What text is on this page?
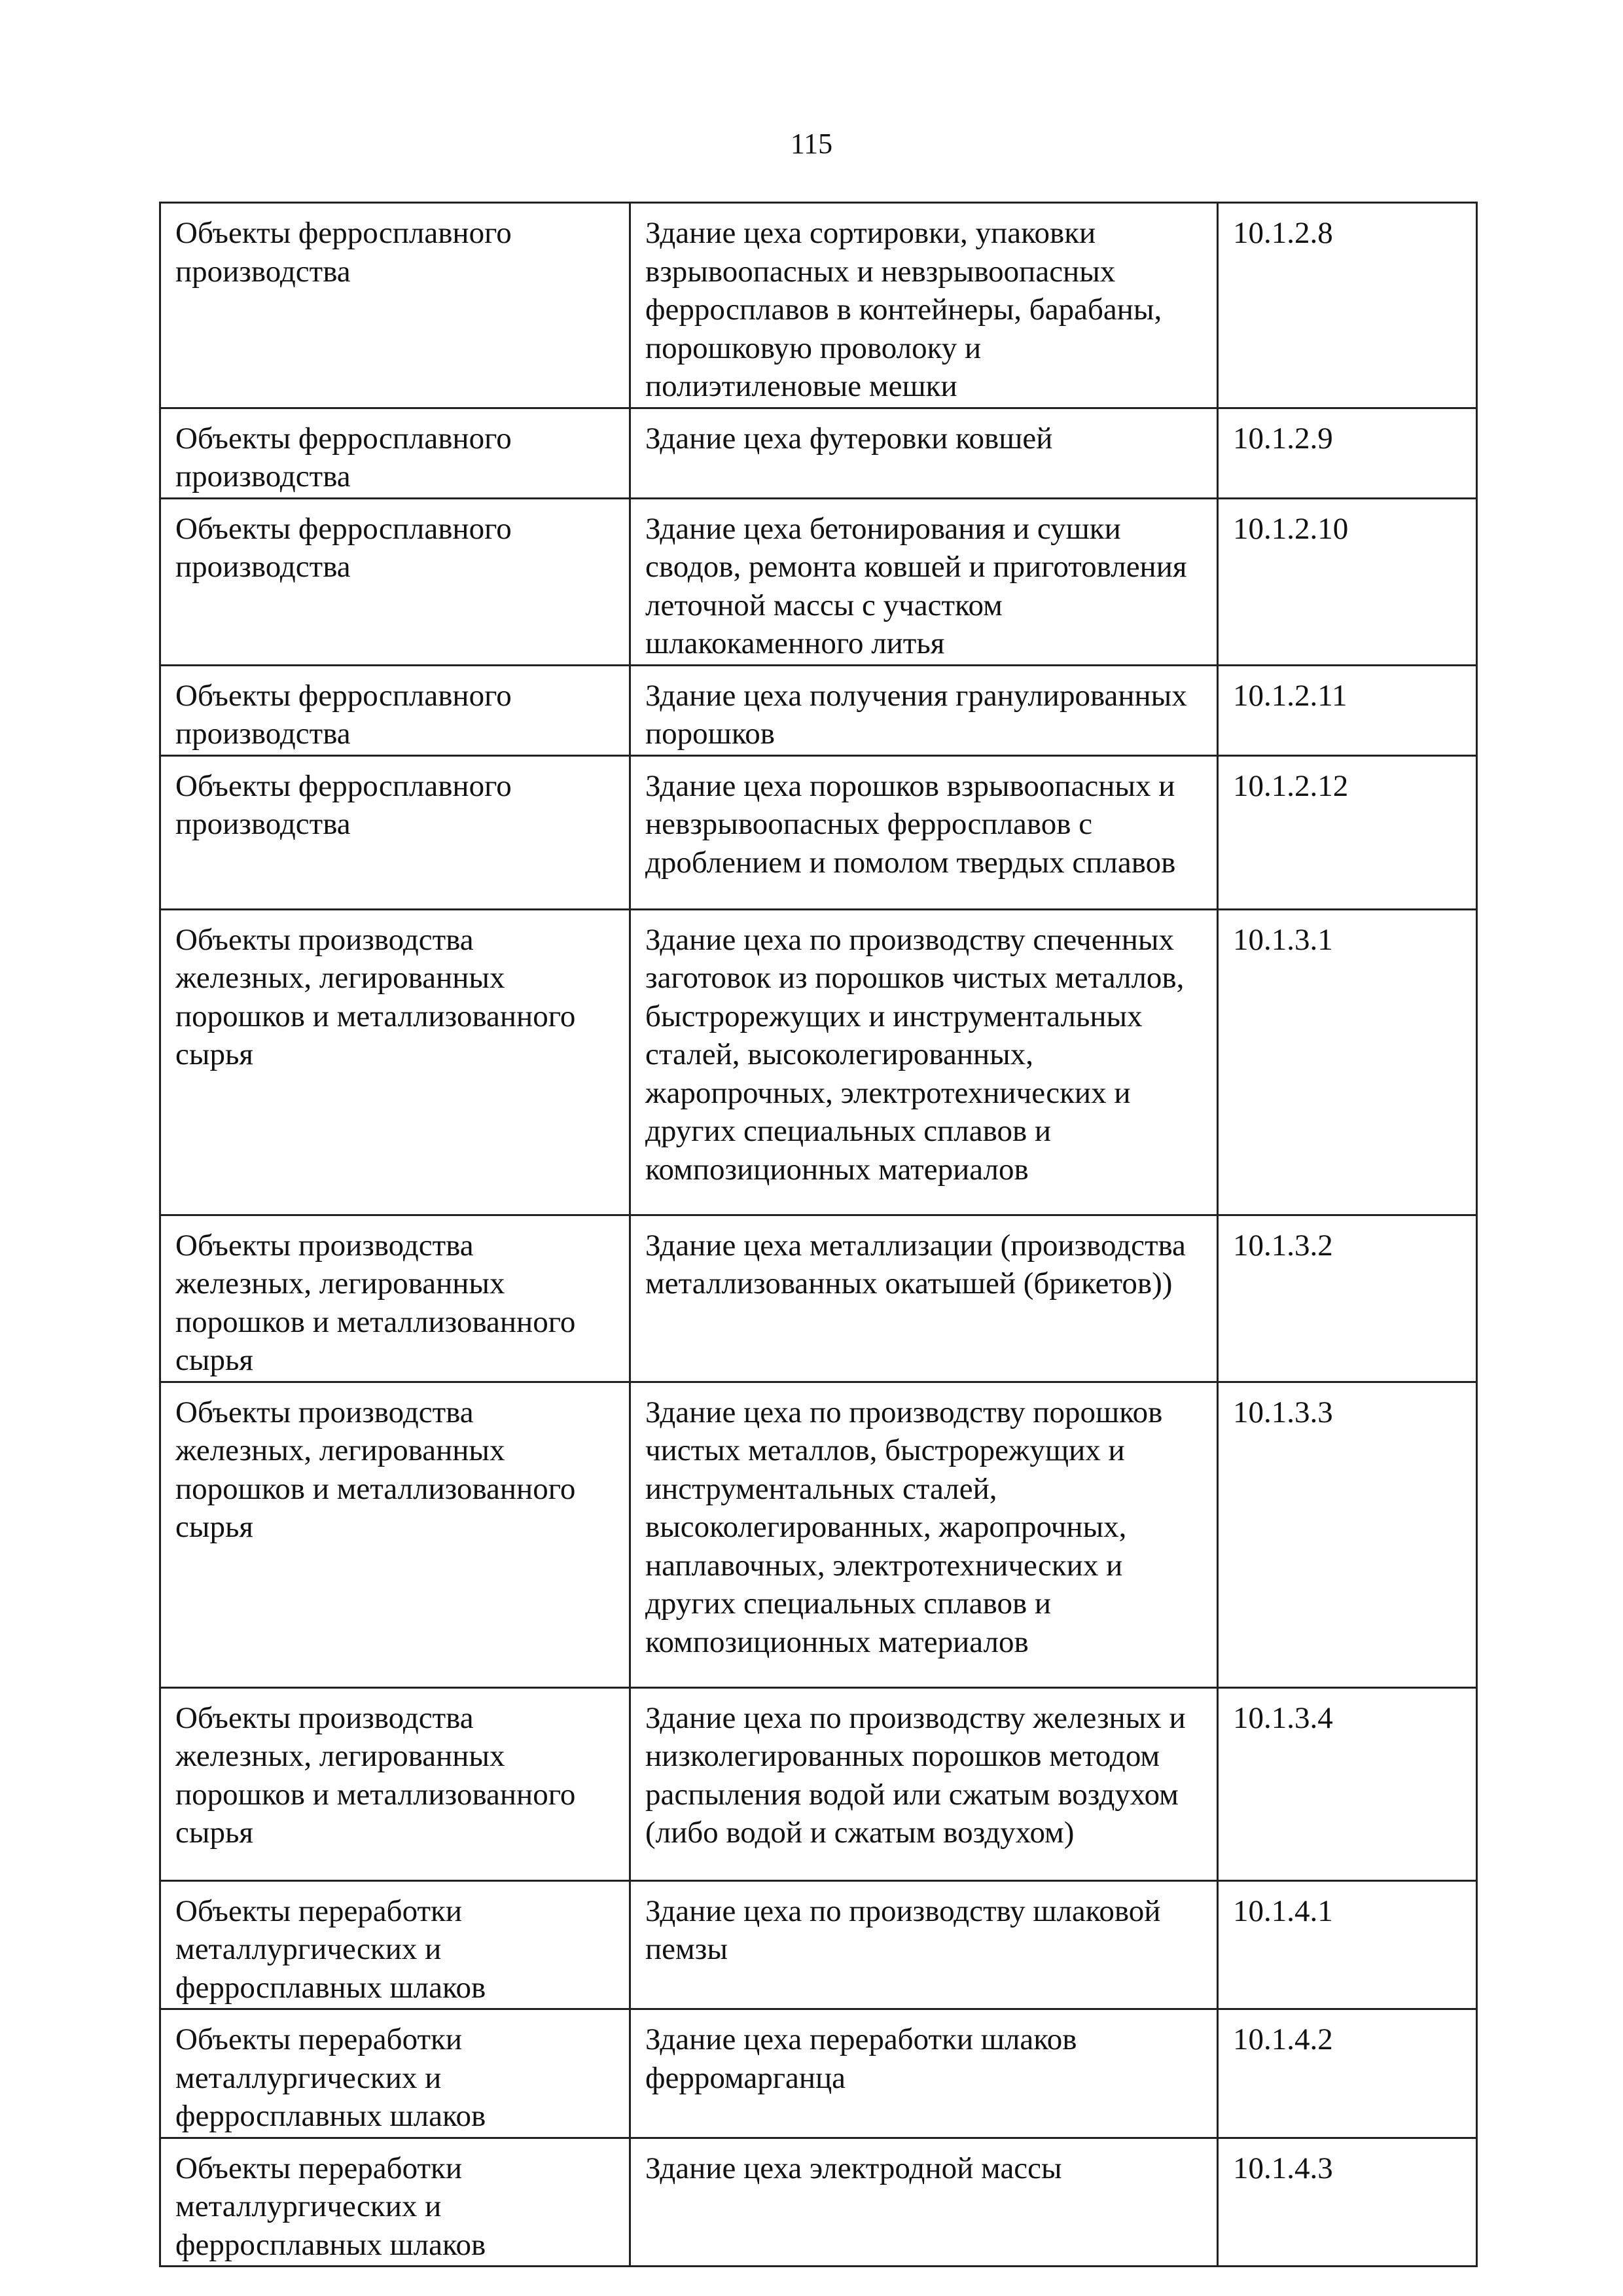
115
Объекты ферросплавного производства	Здание цеха сортировки, упаковки взрывоопасных и невзрывоопасных ферросплавов в контейнеры, барабаны, порошковую проволоку и полиэтиленовые мешки	10.1.2.8
Объекты ферросплавного производства	Здание цеха футеровки ковшей	10.1.2.9
Объекты ферросплавного производства	Здание цеха бетонирования и сушки сводов, ремонта ковшей и приготовления леточной массы с участком шлакокаменного литья	10.1.2.10
Объекты ферросплавного производства	Здание цеха получения гранулированных порошков	10.1.2.11
Объекты ферросплавного производства	Здание цеха порошков взрывоопасных и невзрывоопасных ферросплавов с дроблением и помолом твердых сплавов	10.1.2.12
Объекты производства железных, легированных порошков и металлизованного сырья	Здание цеха по производству спеченных заготовок из порошков чистых металлов, быстрорежущих и инструментальных сталей, высоколегированных, жаропрочных, электротехнических и других специальных сплавов и композиционных материалов	10.1.3.1
Объекты производства железных, легированных порошков и металлизованного сырья	Здание цеха металлизации (производства металлизованных окатышей (брикетов))	10.1.3.2
Объекты производства железных, легированных порошков и металлизованного сырья	Здание цеха по производству порошков чистых металлов, быстрорежущих и инструментальных сталей, высоколегированных, жаропрочных, наплавочных, электротехнических и других специальных сплавов и композиционных материалов	10.1.3.3
Объекты производства железных, легированных порошков и металлизованного сырья	Здание цеха по производству железных и низколегированных порошков методом распыления водой или сжатым воздухом (либо водой и сжатым воздухом)	10.1.3.4
Объекты переработки металлургических и ферросплавных шлаков	Здание цеха по производству шлаковой пемзы	10.1.4.1
Объекты переработки металлургических и ферросплавных шлаков	Здание цеха переработки шлаков ферромарганца	10.1.4.2
Объекты переработки металлургических и ферросплавных шлаков	Здание цеха электродной массы	10.1.4.3
